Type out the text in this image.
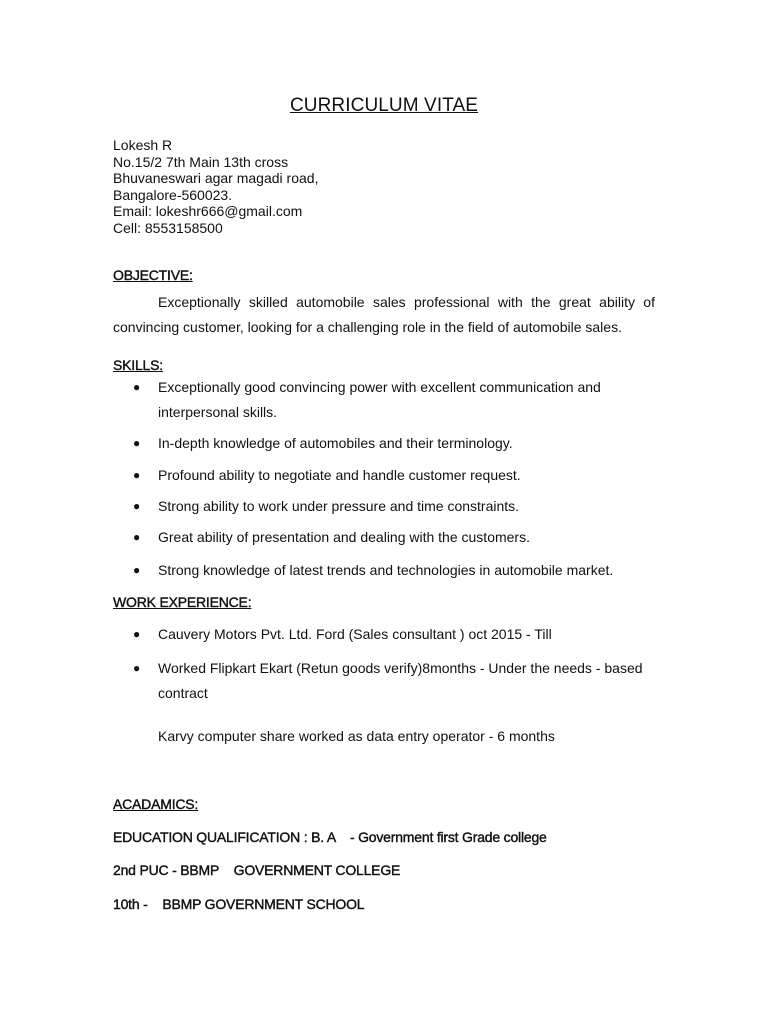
CURRICULUM VITAE
Lokesh R
No.15/2 7th Main 13th cross
Bhuvaneswari agar magadi road,
Bangalore-560023.
Email: lokeshr666@gmail.com
Cell: 8553158500
OBJECTIVE:
Exceptionally skilled automobile sales professional with the great ability of convincing customer, looking for a challenging role in the field of automobile sales.
SKILLS:
● Exceptionally good convincing power with excellent communication and interpersonal skills.
● In-depth knowledge of automobiles and their terminology.
● Profound ability to negotiate and handle customer request.
● Strong ability to work under pressure and time constraints.
● Great ability of presentation and dealing with the customers.
● Strong knowledge of latest trends and technologies in automobile market.
WORK EXPERIENCE:
● Cauvery Motors Pvt. Ltd. Ford (Sales consultant ) oct 2015 - Till
● Worked Flipkart Ekart (Retun goods verify)8months - Under the needs - based contract
Karvy computer share worked as data entry operator - 6 months
ACADAMICS:
EDUCATION QUALIFICATION : B. A    - Government first Grade college
2nd PUC - BBMP    GOVERNMENT COLLEGE
10th -    BBMP GOVERNMENT SCHOOL
